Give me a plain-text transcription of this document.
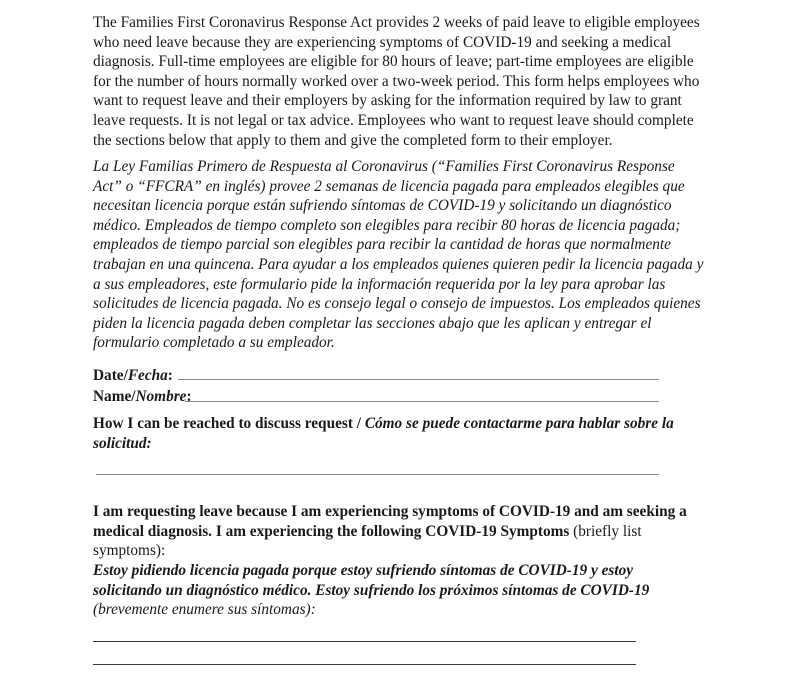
The Families First Coronavirus Response Act provides 2 weeks of paid leave to eligible employees who need leave because they are experiencing symptoms of COVID-19 and seeking a medical diagnosis. Full-time employees are eligible for 80 hours of leave; part-time employees are eligible for the number of hours normally worked over a two-week period. This form helps employees who want to request leave and their employers by asking for the information required by law to grant leave requests. It is not legal or tax advice. Employees who want to request leave should complete the sections below that apply to them and give the completed form to their employer.

La Ley Familias Primero de Respuesta al Coronavirus (“Families First Coronavirus Response Act” o “FFCRA” en inglés) provee 2 semanas de licencia pagada para empleados elegibles que necesitan licencia porque están sufriendo síntomas de COVID-19 y solicitando un diagnóstico médico. Empleados de tiempo completo son elegibles para recibir 80 horas de licencia pagada; empleados de tiempo parcial son elegibles para recibir la cantidad de horas que normalmente trabajan en una quincena. Para ayudar a los empleados quienes quieren pedir la licencia pagada y a sus empleadores, este formulario pide la información requerida por la ley para aprobar las solicitudes de licencia pagada. No es consejo legal o consejo de impuestos. Los empleados quienes piden la licencia pagada deben completar las secciones abajo que les aplican y entregar el formulario completado a su empleador.

Date/Fecha:
Name/Nombre:

How I can be reached to discuss request / Cómo se puede contactarme para hablar sobre la solicitud:

I am requesting leave because I am experiencing symptoms of COVID-19 and am seeking a medical diagnosis. I am experiencing the following COVID-19 Symptoms (briefly list symptoms):

Estoy pidiendo licencia pagada porque estoy sufriendo síntomas de COVID-19 y estoy solicitando un diagnóstico médico. Estoy sufriendo los próximos síntomas de COVID-19 (brevemente enumere sus síntomas):
